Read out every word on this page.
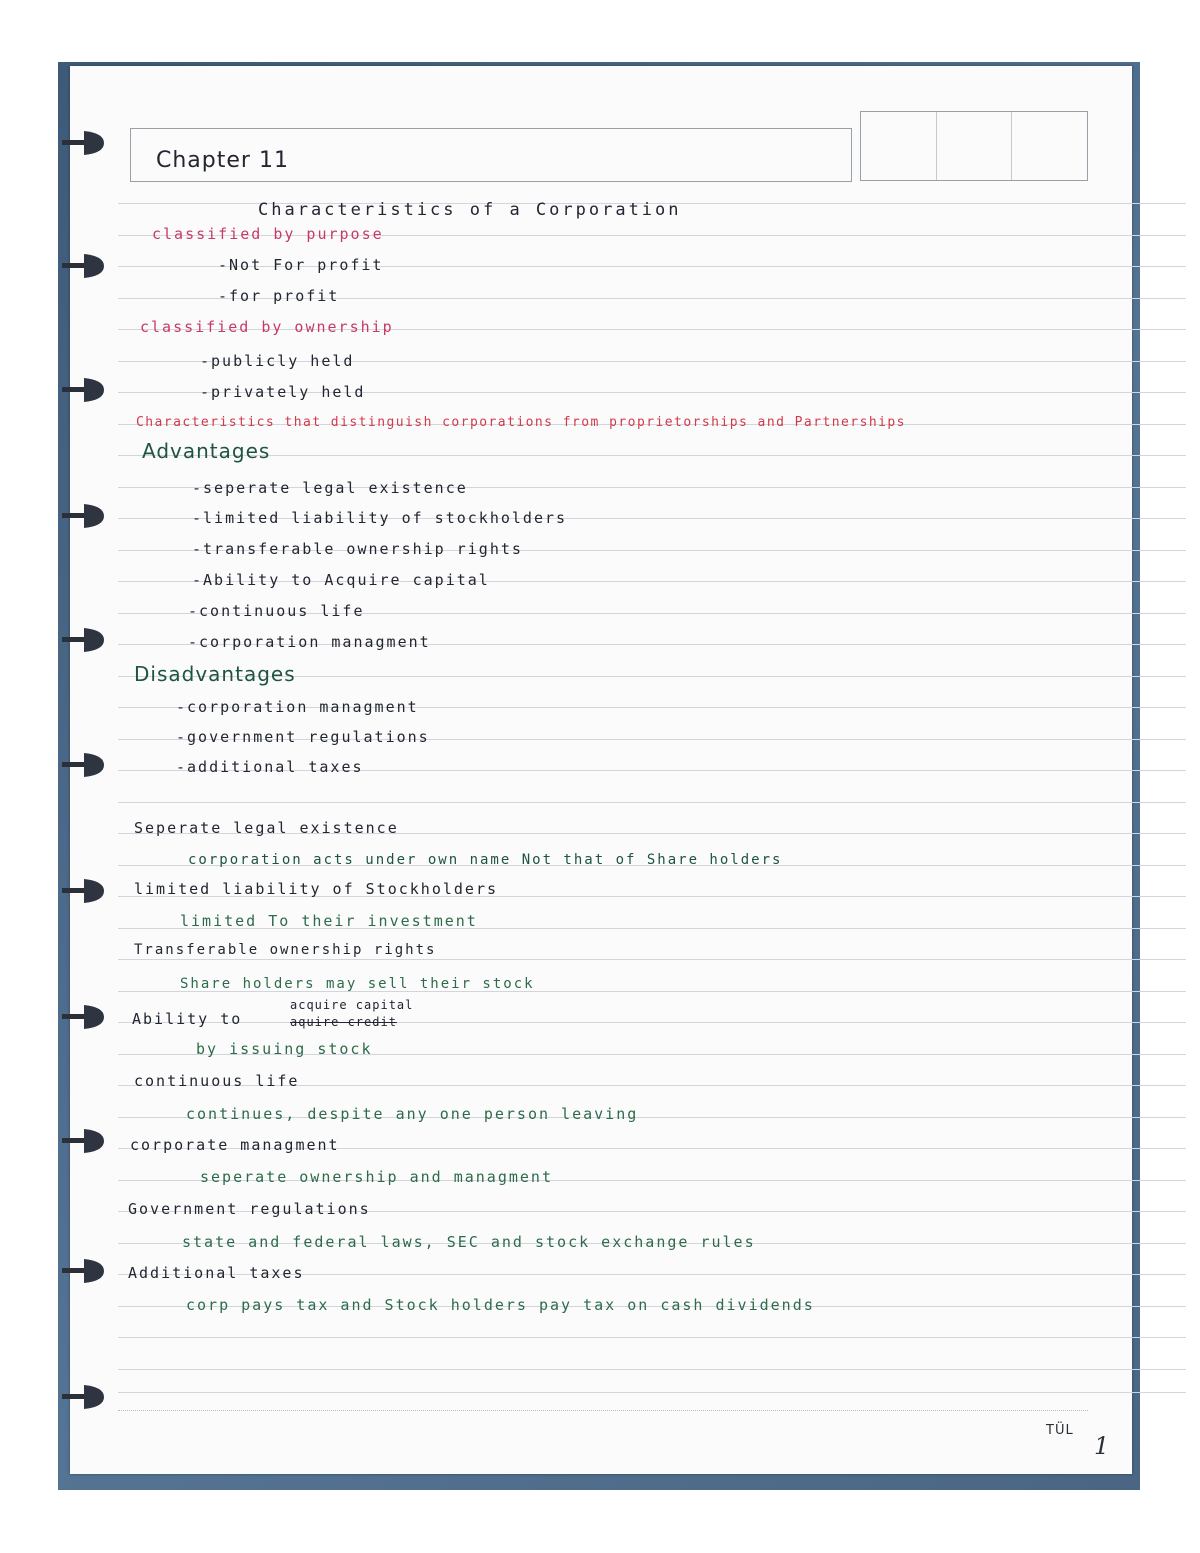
Chapter 11
Characteristics of a Corporation
classified by purpose
-Not For profit
-for profit
classified by ownership
-publicly held
-privately held
Characteristics that distinguish corporations from proprietorships and Partnerships
Advantages
-seperate legal existence
-limited liability of stockholders
-transferable ownership rights
-Ability to Acquire capital
-continuous life
-corporation managment
Disadvantages
-corporation managment
-government regulations
-additional taxes
Seperate legal existence
corporation acts under own name Not that of Share holders
limited liability of Stockholders
limited To their investment
Transferable ownership rights
Share holders may sell their stock
Ability to
acquire capital
aquire credit
by issuing stock
continuous life
continues, despite any one person leaving
corporate managment
seperate ownership and managment
Government regulations
state and federal laws, SEC and stock exchange rules
Additional taxes
corp pays tax and Stock holders pay tax on cash dividends
TÜL
1
